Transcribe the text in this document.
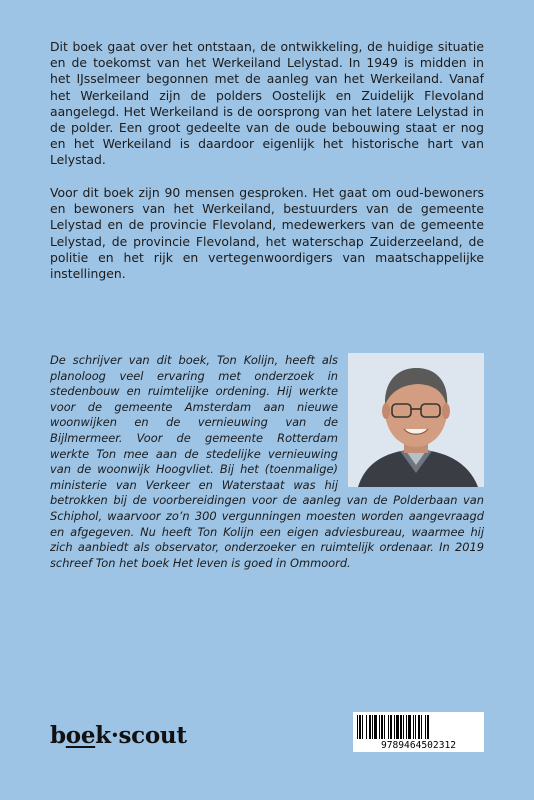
Dit boek gaat over het ontstaan, de ontwikkeling, de huidige situatie en de toekomst van het Werkeiland Lelystad. In 1949 is midden in het IJsselmeer begonnen met de aanleg van het Werkeiland. Vanaf het Werkeiland zijn de polders Oostelijk en Zuidelijk Flevoland aangelegd. Het Werkeiland is de oorsprong van het latere Lelystad in de polder. Een groot gedeelte van de oude bebouwing staat er nog en het Werkeiland is daardoor eigenlijk het historische hart van Lelystad.

Voor dit boek zijn 90 mensen gesproken. Het gaat om oud-bewoners en bewoners van het Werkeiland, bestuurders van de gemeente Lelystad en de provincie Flevoland, medewerkers van de gemeente Lelystad, de provincie Flevoland, het waterschap Zuiderzeeland, de politie en het rijk en vertegenwoordigers van maatschappelijke instellingen.

De schrijver van dit boek, Ton Kolijn, heeft als planoloog veel ervaring met onderzoek in stedenbouw en ruimtelijke ordening. Hij werkte voor de gemeente Amsterdam aan nieuwe woonwijken en de vernieuwing van de Bijlmermeer. Voor de gemeente Rotterdam werkte Ton mee aan de stedelijke vernieuwing van de woonwijk Hoogvliet. Bij het (toenmalige) ministerie van Verkeer en Waterstaat was hij betrokken bij de voorbereidingen voor de aanleg van de Polderbaan van Schiphol, waarvoor zo’n 300 vergunningen moesten worden aangevraagd en afgegeven. Nu heeft Ton Kolijn een eigen adviesbureau, waarmee hij zich aanbiedt als observator, onderzoeker en ruimtelijk ordenaar. In 2019 schreef Ton het boek Het leven is goed in Ommoord.
boek·scout	9789464502312
